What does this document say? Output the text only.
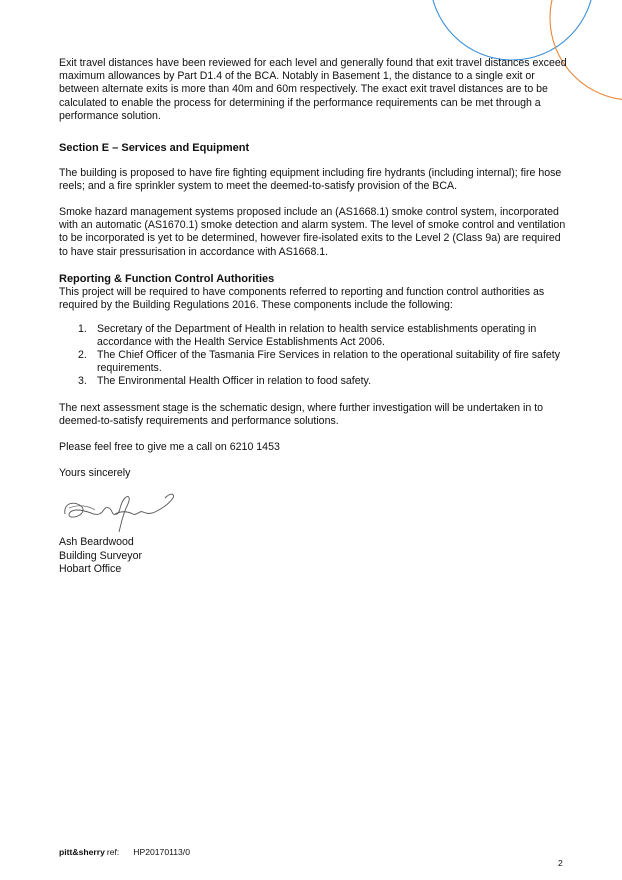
Exit travel distances have been reviewed for each level and generally found that exit travel distances exceed maximum allowances by Part D1.4 of the BCA. Notably in Basement 1, the distance to a single exit or between alternate exits is more than 40m and 60m respectively. The exact exit travel distances are to be calculated to enable the process for determining if the performance requirements can be met through a performance solution.

Section E – Services and Equipment

The building is proposed to have fire fighting equipment including fire hydrants (including internal); fire hose reels; and a fire sprinkler system to meet the deemed-to-satisfy provision of the BCA.

Smoke hazard management systems proposed include an (AS1668.1) smoke control system, incorporated with an automatic (AS1670.1) smoke detection and alarm system. The level of smoke control and ventilation to be incorporated is yet to be determined, however fire-isolated exits to the Level 2 (Class 9a) are required to have stair pressurisation in accordance with AS1668.1.

Reporting & Function Control Authorities

This project will be required to have components referred to reporting and function control authorities as required by the Building Regulations 2016. These components include the following:

1. Secretary of the Department of Health in relation to health service establishments operating in accordance with the Health Service Establishments Act 2006.
2. The Chief Officer of the Tasmania Fire Services in relation to the operational suitability of fire safety requirements.
3. The Environmental Health Officer in relation to food safety.

The next assessment stage is the schematic design, where further investigation will be undertaken in to deemed-to-satisfy requirements and performance solutions.

Please feel free to give me a call on 6210 1453

Yours sincerely

Ash Beardwood

Building Surveyor

Hobart Office

pitt&sherry ref: HP20170113/0
2
